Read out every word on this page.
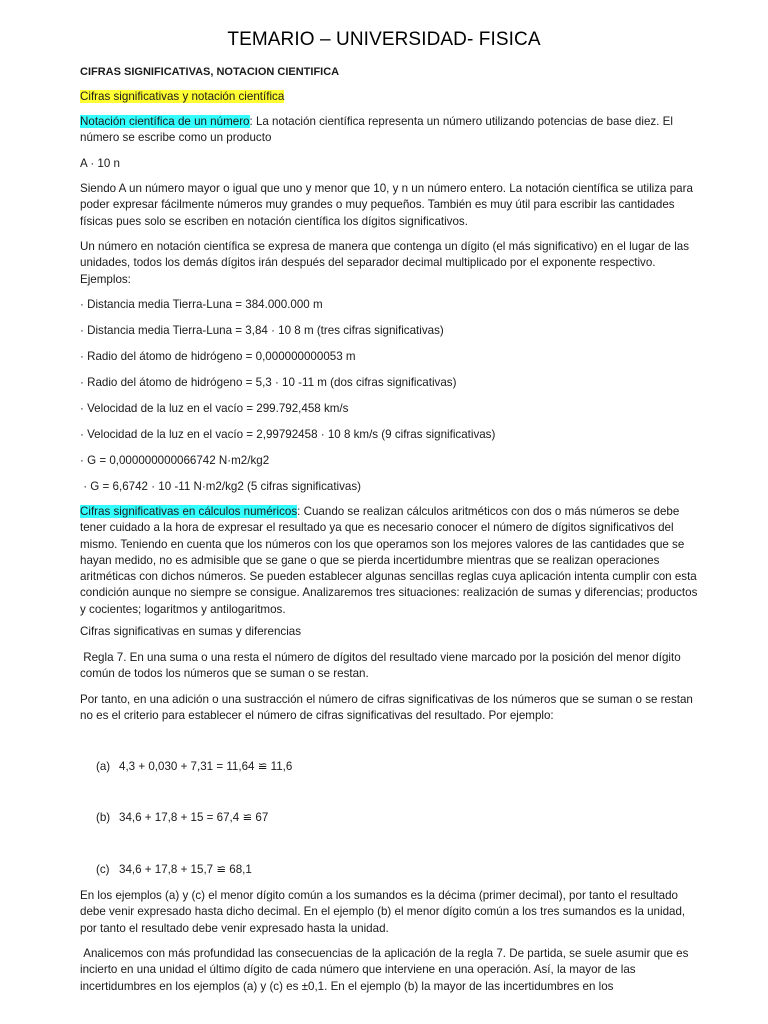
TEMARIO – UNIVERSIDAD- FISICA

CIFRAS SIGNIFICATIVAS, NOTACION CIENTIFICA

Cifras significativas y notación científica

Notación científica de un número: La notación científica representa un número utilizando potencias de base diez. El número se escribe como un producto

A · 10 n

Siendo A un número mayor o igual que uno y menor que 10, y n un número entero. La notación científica se utiliza para poder expresar fácilmente números muy grandes o muy pequeños. También es muy útil para escribir las cantidades físicas pues solo se escriben en notación científica los dígitos significativos.

Un número en notación científica se expresa de manera que contenga un dígito (el más significativo) en el lugar de las unidades, todos los demás dígitos irán después del separador decimal multiplicado por el exponente respectivo. Ejemplos:

· Distancia media Tierra-Luna = 384.000.000 m

· Distancia media Tierra-Luna = 3,84 · 10 8 m (tres cifras significativas)

· Radio del átomo de hidrógeno = 0,000000000053 m

· Radio del átomo de hidrógeno = 5,3 · 10 -11 m (dos cifras significativas)

· Velocidad de la luz en el vacío = 299.792,458 km/s

· Velocidad de la luz en el vacío = 2,99792458 · 10 8 km/s (9 cifras significativas)

· G = 0,000000000066742 N·m2/kg2

· G = 6,6742 · 10 -11 N·m2/kg2 (5 cifras significativas)

Cifras significativas en cálculos numéricos: Cuando se realizan cálculos aritméticos con dos o más números se debe tener cuidado a la hora de expresar el resultado ya que es necesario conocer el número de dígitos significativos del mismo. Teniendo en cuenta que los números con los que operamos son los mejores valores de las cantidades que se hayan medido, no es admisible que se gane o que se pierda incertidumbre mientras que se realizan operaciones aritméticas con dichos números. Se pueden establecer algunas sencillas reglas cuya aplicación intenta cumplir con esta condición aunque no siempre se consigue. Analizaremos tres situaciones: realización de sumas y diferencias; productos y cocientes; logaritmos y antilogaritmos.

Cifras significativas en sumas y diferencias

Regla 7. En una suma o una resta el número de dígitos del resultado viene marcado por la posición del menor dígito común de todos los números que se suman o se restan.

Por tanto, en una adición o una sustracción el número de cifras significativas de los números que se suman o se restan no es el criterio para establecer el número de cifras significativas del resultado. Por ejemplo:

(a) 4,3 + 0,030 + 7,31 = 11,64 ≌ 11,6
(b) 34,6 + 17,8 + 15 = 67,4 ≌ 67
(c) 34,6 + 17,8 + 15,7 ≌ 68,1

En los ejemplos (a) y (c) el menor dígito común a los sumandos es la décima (primer decimal), por tanto el resultado debe venir expresado hasta dicho decimal. En el ejemplo (b) el menor dígito común a los tres sumandos es la unidad, por tanto el resultado debe venir expresado hasta la unidad.

Analicemos con más profundidad las consecuencias de la aplicación de la regla 7. De partida, se suele asumir que es incierto en una unidad el último dígito de cada número que interviene en una operación. Así, la mayor de las incertidumbres en los ejemplos (a) y (c) es ±0,1. En el ejemplo (b) la mayor de las incertidumbres en los
